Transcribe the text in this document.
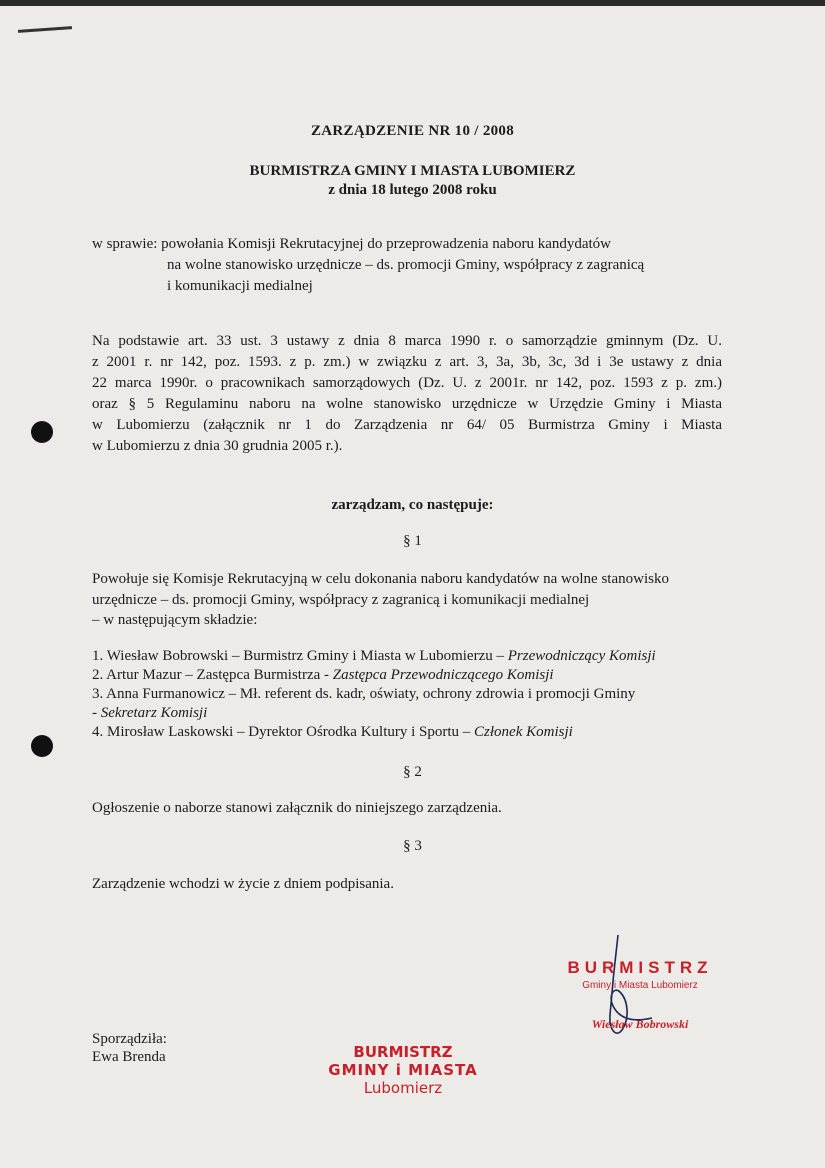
ZARZĄDZENIE NR 10 / 2008
BURMISTRZA GMINY I MIASTA LUBOMIERZ
z dnia 18 lutego 2008 roku
w sprawie: powołania Komisji Rekrutacyjnej do przeprowadzenia naboru kandydatów
na wolne stanowisko urzędnicze – ds. promocji Gminy, współpracy z zagranicą
i komunikacji medialnej
Na podstawie art. 33 ust. 3 ustawy z dnia 8 marca 1990 r. o samorządzie gminnym (Dz. U.
z 2001 r. nr 142, poz. 1593. z p. zm.) w związku z art. 3, 3a, 3b, 3c, 3d i 3e ustawy z dnia
22 marca 1990r. o pracownikach samorządowych (Dz. U. z 2001r. nr 142, poz. 1593 z p. zm.)
oraz § 5 Regulaminu naboru na wolne stanowisko urzędnicze w Urzędzie Gminy i Miasta
w Lubomierzu (załącznik nr 1 do Zarządzenia nr 64/ 05 Burmistrza Gminy i Miasta
w Lubomierzu z dnia 30 grudnia 2005 r.).
zarządzam, co następuje:
§ 1
Powołuje się Komisje Rekrutacyjną w celu dokonania naboru kandydatów na wolne stanowisko
urzędnicze – ds. promocji Gminy, współpracy z zagranicą i komunikacji medialnej
– w następującym składzie:
1. Wiesław Bobrowski – Burmistrz Gminy i Miasta w Lubomierzu – Przewodniczący Komisji
2. Artur Mazur – Zastępca Burmistrza - Zastępca Przewodniczącego Komisji
3. Anna Furmanowicz – Mł. referent ds. kadr, oświaty, ochrony zdrowia i promocji Gminy
- Sekretarz Komisji
4. Mirosław Laskowski – Dyrektor Ośrodka Kultury i Sportu – Członek Komisji
§ 2
Ogłoszenie o naborze stanowi załącznik do niniejszego zarządzenia.
§ 3
Zarządzenie wchodzi w życie z dniem podpisania.
BURMISTRZ
Gminy i Miasta Lubomierz
Wiesław Bobrowski
Sporządziła:
Ewa Brenda	BURMISTRZ
GMINY i MIASTA
Lubomierz
